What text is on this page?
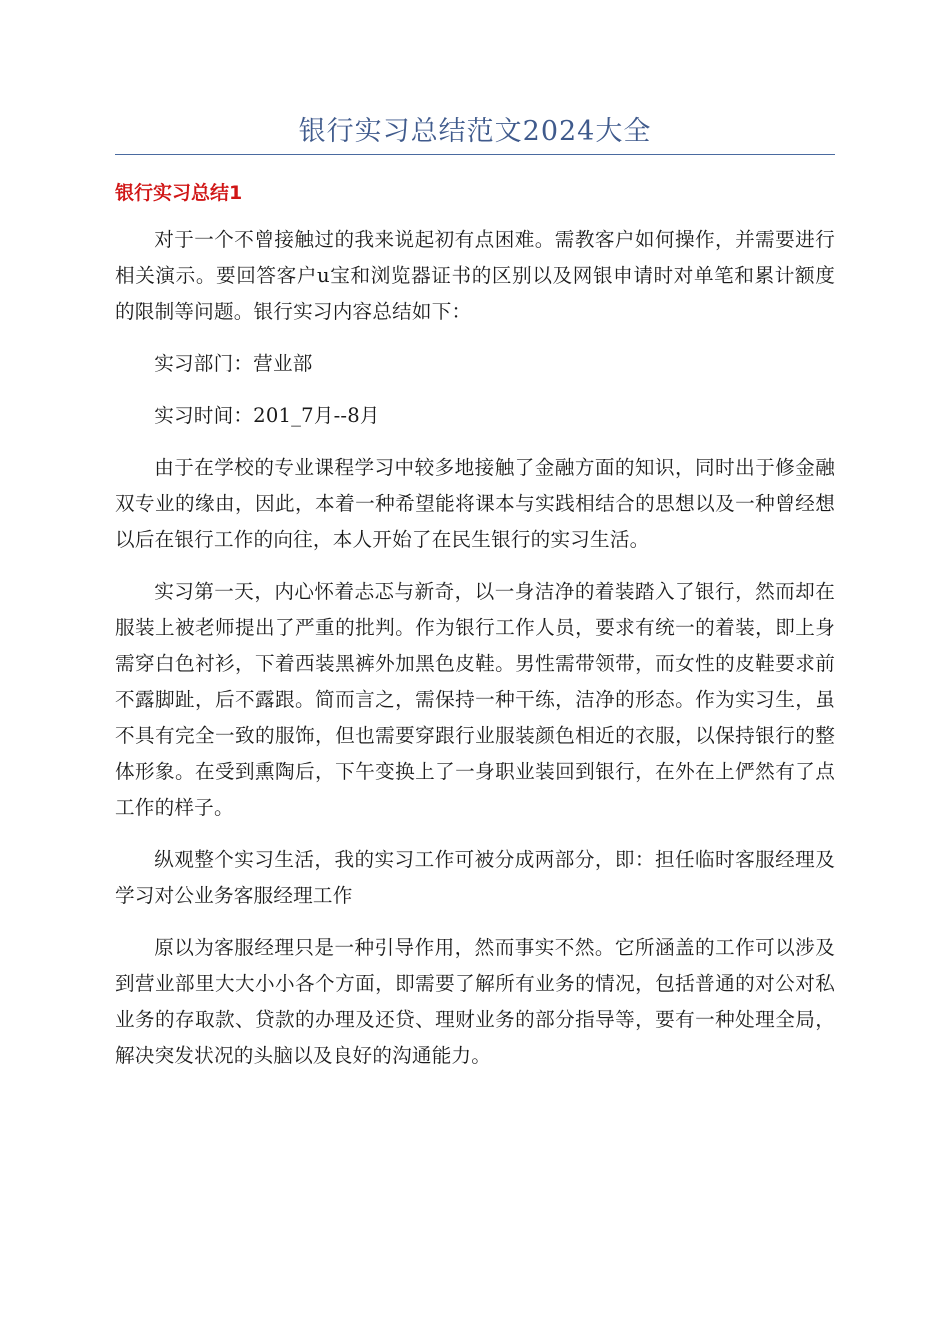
银行实习总结范文2024大全
银行实习总结1

对于一个不曾接触过的我来说起初有点困难。需教客户如何操作，并需要进行相关演示。要回答客户u宝和浏览器证书的区别以及网银申请时对单笔和累计额度的限制等问题。银行实习内容总结如下：

实习部门：营业部

实习时间：201_7月--8月

由于在学校的专业课程学习中较多地接触了金融方面的知识，同时出于修金融双专业的缘由，因此，本着一种希望能将课本与实践相结合的思想以及一种曾经想以后在银行工作的向往，本人开始了在民生银行的实习生活。

实习第一天，内心怀着忐忑与新奇，以一身洁净的着装踏入了银行，然而却在服装上被老师提出了严重的批判。作为银行工作人员，要求有统一的着装，即上身需穿白色衬衫，下着西装黑裤外加黑色皮鞋。男性需带领带，而女性的皮鞋要求前不露脚趾，后不露跟。简而言之，需保持一种干练，洁净的形态。作为实习生，虽不具有完全一致的服饰，但也需要穿跟行业服装颜色相近的衣服，以保持银行的整体形象。在受到熏陶后，下午变换上了一身职业装回到银行，在外在上俨然有了点工作的样子。

纵观整个实习生活，我的实习工作可被分成两部分，即：担任临时客服经理及学习对公业务客服经理工作

原以为客服经理只是一种引导作用，然而事实不然。它所涵盖的工作可以涉及到营业部里大大小小各个方面，即需要了解所有业务的情况，包括普通的对公对私业务的存取款、贷款的办理及还贷、理财业务的部分指导等，要有一种处理全局，解决突发状况的头脑以及良好的沟通能力。
